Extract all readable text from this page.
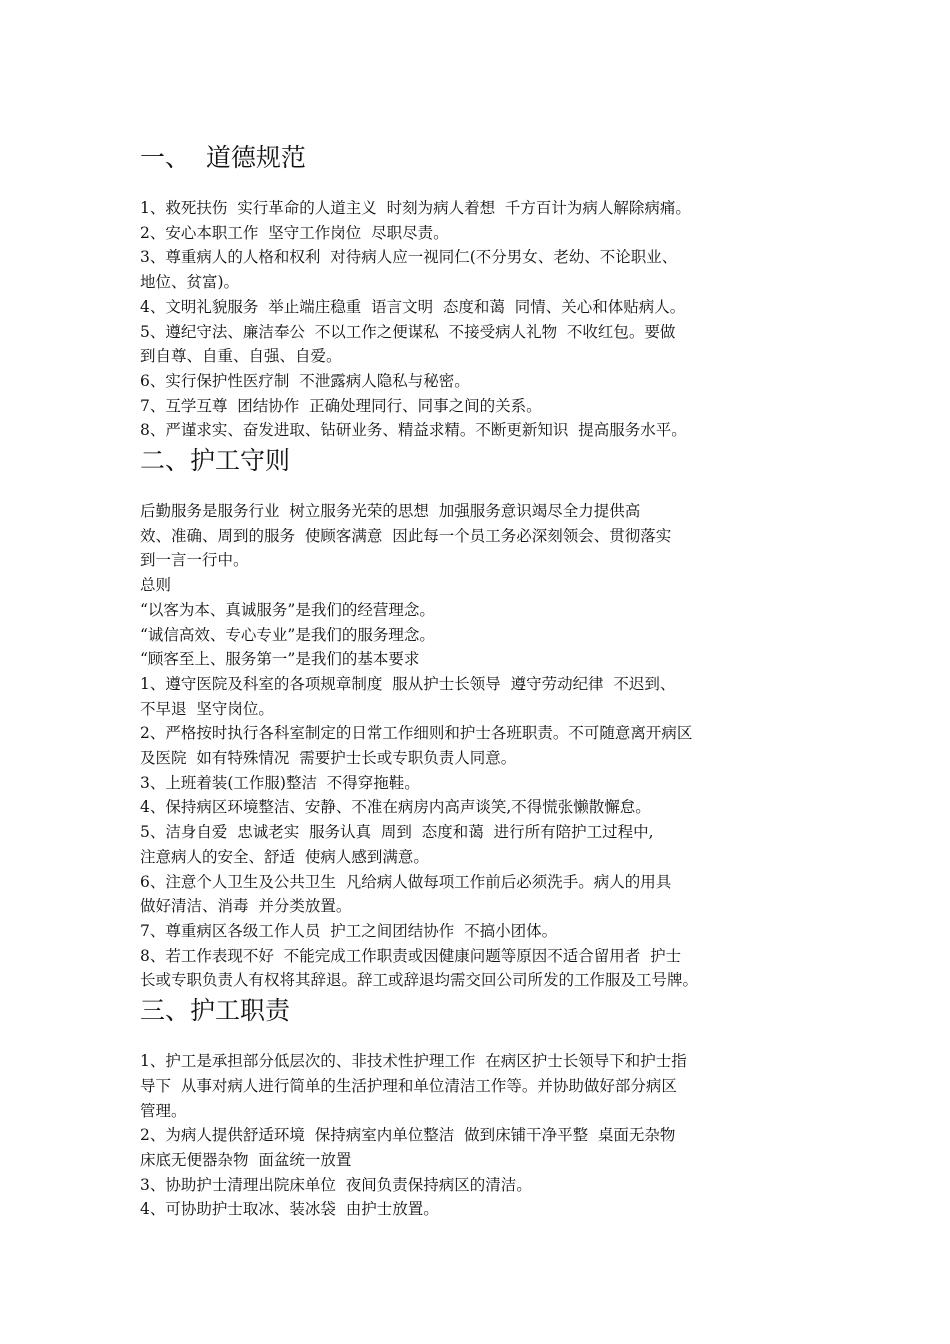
一、  道德规范

1、救死扶伤  实行革命的人道主义  时刻为病人着想  千方百计为病人解除病痛。

2、安心本职工作  坚守工作岗位  尽职尽责。

3、尊重病人的人格和权利  对待病人应一视同仁(不分男女、老幼、不论职业、

地位、贫富)。

4、文明礼貌服务  举止端庄稳重  语言文明  态度和蔼  同情、关心和体贴病人。

5、遵纪守法、廉洁奉公  不以工作之便谋私  不接受病人礼物  不收红包。要做

到自尊、自重、自强、自爱。

6、实行保护性医疗制  不泄露病人隐私与秘密。

7、互学互尊  团结协作  正确处理同行、同事之间的关系。

8、严谨求实、奋发进取、钻研业务、精益求精。不断更新知识  提高服务水平。

二、护工守则

后勤服务是服务行业  树立服务光荣的思想  加强服务意识竭尽全力提供高

效、准确、周到的服务  使顾客满意  因此每一个员工务必深刻领会、贯彻落实

到一言一行中。

总则

“以客为本、真诚服务”是我们的经营理念。

“诚信高效、专心专业”是我们的服务理念。

“顾客至上、服务第一”是我们的基本要求

1、遵守医院及科室的各项规章制度  服从护士长领导  遵守劳动纪律  不迟到、

不早退  坚守岗位。

2、严格按时执行各科室制定的日常工作细则和护士各班职责。不可随意离开病区

及医院  如有特殊情况  需要护士长或专职负责人同意。

3、上班着装(工作服)整洁  不得穿拖鞋。

4、保持病区环境整洁、安静、不准在病房内高声谈笑,不得慌张懒散懈怠。

5、洁身自爱  忠诚老实  服务认真  周到  态度和蔼  进行所有陪护工过程中,

注意病人的安全、舒适  使病人感到满意。

6、注意个人卫生及公共卫生  凡给病人做每项工作前后必须洗手。病人的用具

做好清洁、消毒  并分类放置。

7、尊重病区各级工作人员  护工之间团结协作  不搞小团体。

8、若工作表现不好  不能完成工作职责或因健康问题等原因不适合留用者  护士

长或专职负责人有权将其辞退。辞工或辞退均需交回公司所发的工作服及工号牌。

三、护工职责

1、护工是承担部分低层次的、非技术性护理工作  在病区护士长领导下和护士指

导下  从事对病人进行简单的生活护理和单位清洁工作等。并协助做好部分病区

管理。

2、为病人提供舒适环境  保持病室内单位整洁  做到床铺干净平整  桌面无杂物

床底无便器杂物  面盆统一放置

3、协助护士清理出院床单位  夜间负责保持病区的清洁。

4、可协助护士取冰、装冰袋  由护士放置。
